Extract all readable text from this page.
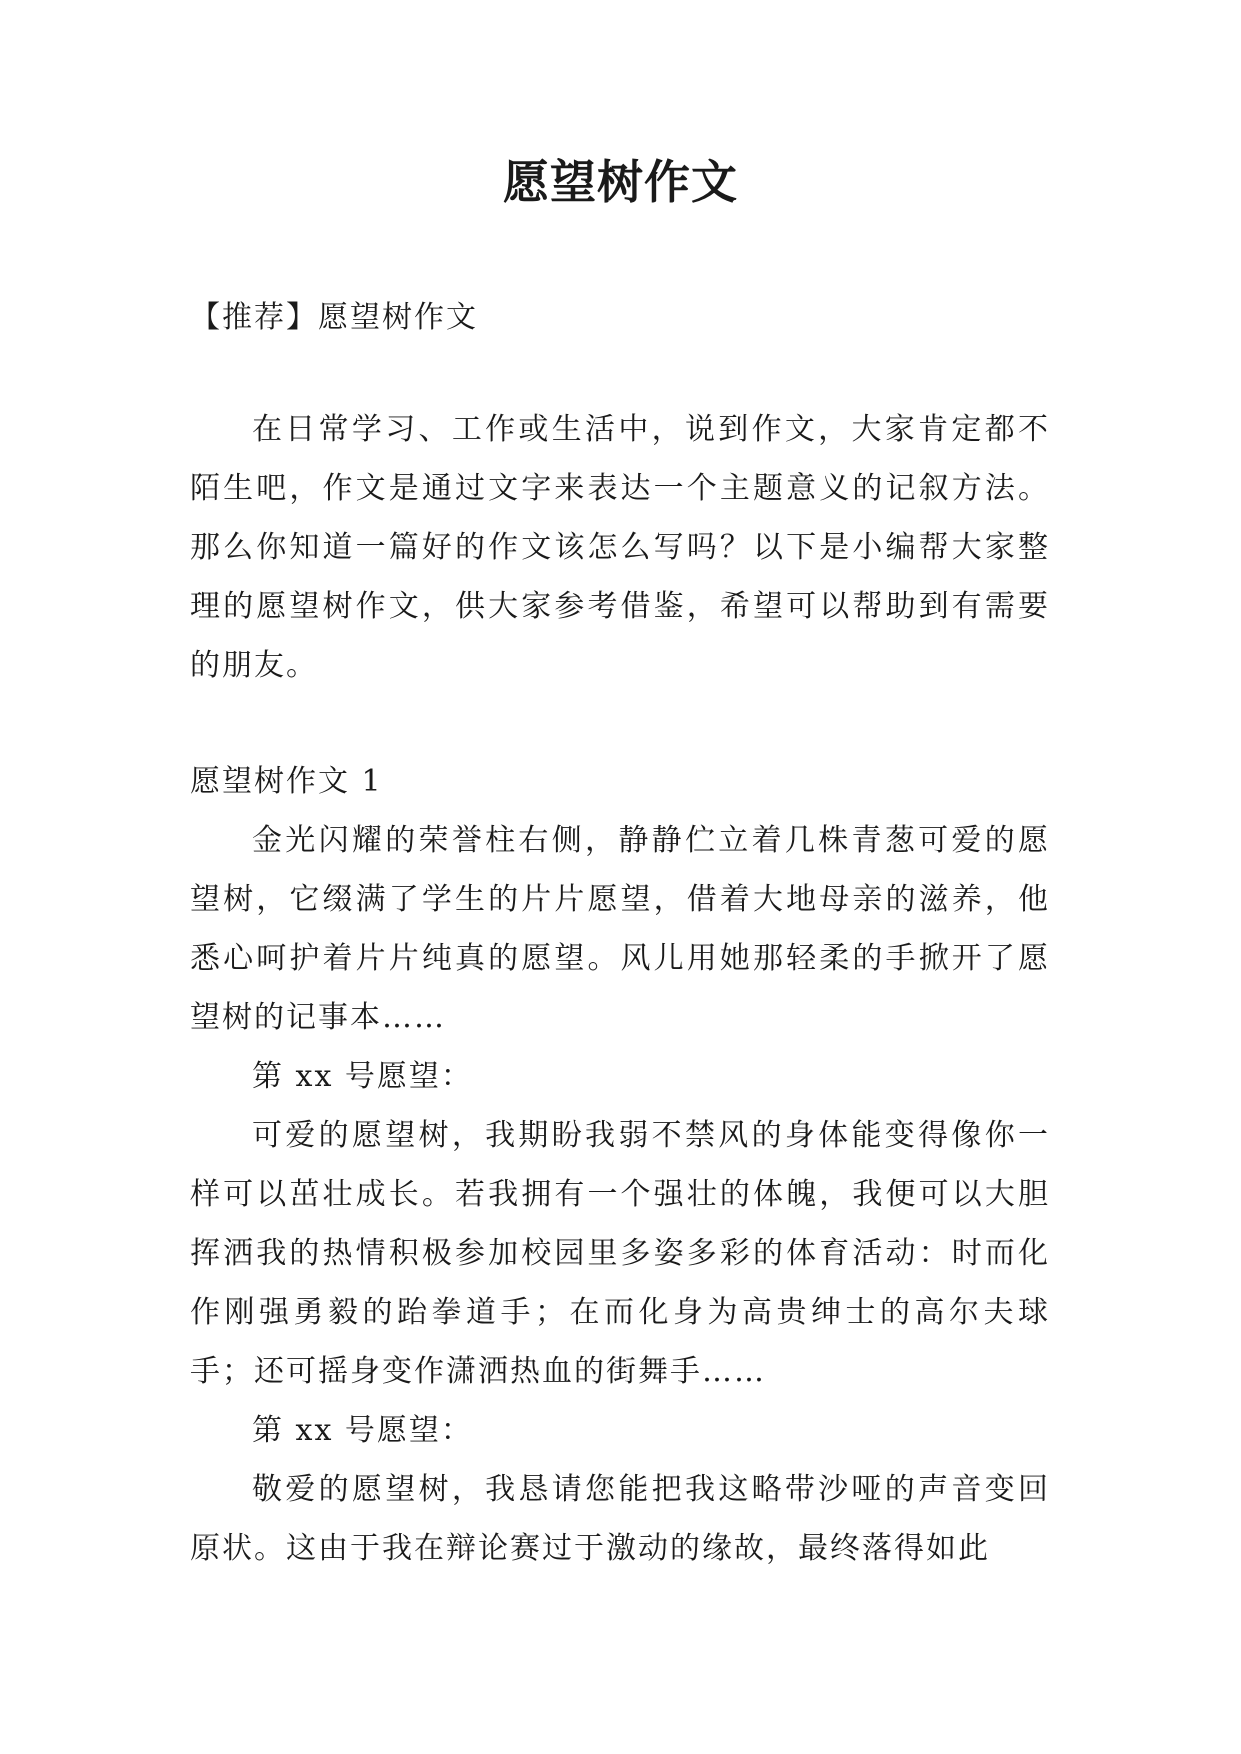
愿望树作文

【推荐】愿望树作文

在日常学习、工作或生活中，说到作文，大家肯定都不陌生吧，作文是通过文字来表达一个主题意义的记叙方法。那么你知道一篇好的作文该怎么写吗？以下是小编帮大家整理的愿望树作文，供大家参考借鉴，希望可以帮助到有需要的朋友。

愿望树作文 1

金光闪耀的荣誉柱右侧，静静伫立着几株青葱可爱的愿望树，它缀满了学生的片片愿望，借着大地母亲的滋养，他悉心呵护着片片纯真的愿望。风儿用她那轻柔的手掀开了愿望树的记事本……

第 xx 号愿望：

可爱的愿望树，我期盼我弱不禁风的身体能变得像你一样可以茁壮成长。若我拥有一个强壮的体魄，我便可以大胆挥洒我的热情积极参加校园里多姿多彩的体育活动：时而化作刚强勇毅的跆拳道手；在而化身为高贵绅士的高尔夫球手；还可摇身变作潇洒热血的街舞手……

第 xx 号愿望：

敬爱的愿望树，我恳请您能把我这略带沙哑的声音变回原状。这由于我在辩论赛过于激动的缘故，最终落得如此
